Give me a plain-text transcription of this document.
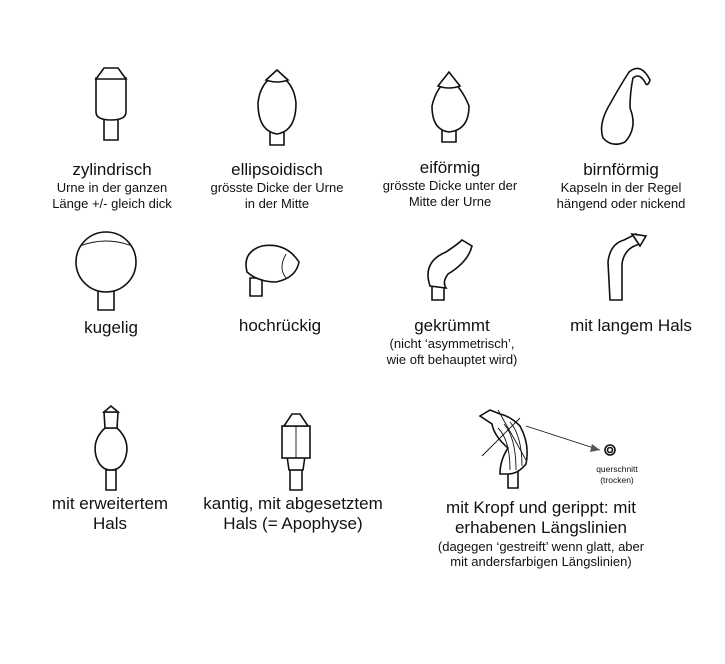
zylindrisch
Urne in der ganzen
Länge +/- gleich dick
ellipsoidisch
grösste Dicke der Urne
in der Mitte
eiförmig
grösste Dicke unter der
Mitte der Urne
birnförmig
Kapseln in der Regel
hängend oder nickend
kugelig	hochrückig	gekrümmt
(nicht ‘asymmetrisch’,
wie oft behauptet wird)
mit langem Hals
mit erweitertem
Hals
kantig, mit abgesetztem
Hals (= Apophyse)
mit Kropf und gerippt: mit
erhabenen Längslinien
(dagegen ‘gestreift’ wenn glatt, aber
mit andersfarbigen Längslinien)
querschnitt
(trocken)
